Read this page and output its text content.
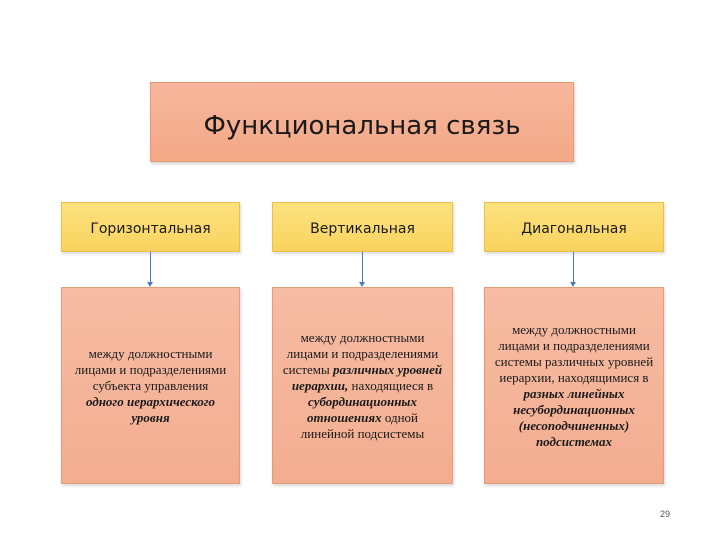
Функциональная связь
Горизонтальная	Вертикальная	Диагональная
между должностными лицами и подразделениями субъекта управления
одного иерархического уровня
между должностными лицами и подразделениями системы различных уровней иерархии, находящиеся в субординационных отношениях одной линейной подсистемы
между должностными лицами и подразделениями системы различных уровней иерархии, находящимися в разных линейных несубординационных (несоподчиненных) подсистемах
29
